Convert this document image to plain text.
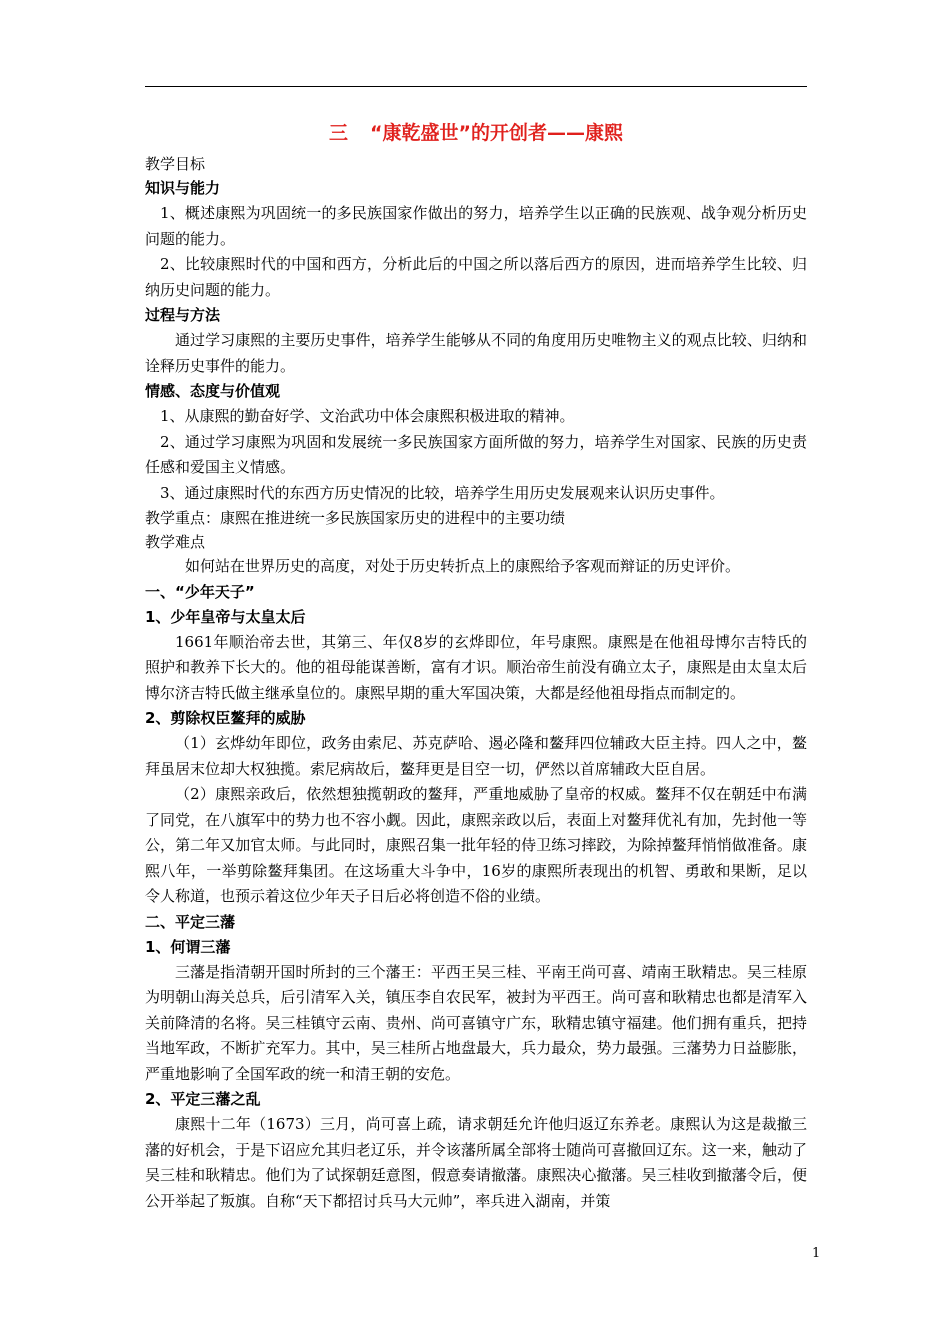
三 “康乾盛世”的开创者——康熙
教学目标
知识与能力
1、概述康熙为巩固统一的多民族国家作做出的努力，培养学生以正确的民族观、战争观分析历史问题的能力。
2、比较康熙时代的中国和西方，分析此后的中国之所以落后西方的原因，进而培养学生比较、归纳历史问题的能力。
过程与方法
通过学习康熙的主要历史事件，培养学生能够从不同的角度用历史唯物主义的观点比较、归纳和诠释历史事件的能力。
情感、态度与价值观
1、从康熙的勤奋好学、文治武功中体会康熙积极进取的精神。
2、通过学习康熙为巩固和发展统一多民族国家方面所做的努力，培养学生对国家、民族的历史责任感和爱国主义情感。
3、通过康熙时代的东西方历史情况的比较，培养学生用历史发展观来认识历史事件。
教学重点：康熙在推进统一多民族国家历史的进程中的主要功绩
教学难点
如何站在世界历史的高度，对处于历史转折点上的康熙给予客观而辩证的历史评价。
一、“少年天子”
1、少年皇帝与太皇太后
1661年顺治帝去世，其第三、年仅8岁的玄烨即位，年号康熙。康熙是在他祖母博尔吉特氏的照护和教养下长大的。他的祖母能谋善断，富有才识。顺治帝生前没有确立太子，康熙是由太皇太后博尔济吉特氏做主继承皇位的。康熙早期的重大军国决策，大都是经他祖母指点而制定的。
2、剪除权臣鳌拜的威胁
（1）玄烨幼年即位，政务由索尼、苏克萨哈、遏必隆和鳌拜四位辅政大臣主持。四人之中，鳌拜虽居末位却大权独揽。索尼病故后，鳌拜更是目空一切，俨然以首席辅政大臣自居。
（2）康熙亲政后，依然想独揽朝政的鳌拜，严重地威胁了皇帝的权威。鳌拜不仅在朝廷中布满了同党，在八旗军中的势力也不容小觑。因此，康熙亲政以后，表面上对鳌拜优礼有加，先封他一等公，第二年又加官太师。与此同时，康熙召集一批年轻的侍卫练习摔跤，为除掉鳌拜悄悄做准备。康熙八年，一举剪除鳌拜集团。在这场重大斗争中，16岁的康熙所表现出的机智、勇敢和果断，足以令人称道，也预示着这位少年天子日后必将创造不俗的业绩。
二、平定三藩
1、何谓三藩
三藩是指清朝开国时所封的三个藩王：平西王吴三桂、平南王尚可喜、靖南王耿精忠。吴三桂原为明朝山海关总兵，后引清军入关，镇压李自农民军，被封为平西王。尚可喜和耿精忠也都是清军入关前降清的名将。吴三桂镇守云南、贵州、尚可喜镇守广东，耿精忠镇守福建。他们拥有重兵，把持当地军政，不断扩充军力。其中，吴三桂所占地盘最大，兵力最众，势力最强。三藩势力日益膨胀，严重地影响了全国军政的统一和清王朝的安危。
2、平定三藩之乱
康熙十二年（1673）三月，尚可喜上疏，请求朝廷允许他归返辽东养老。康熙认为这是裁撤三藩的好机会，于是下诏应允其归老辽乐，并令该藩所属全部将士随尚可喜撤回辽东。这一来，触动了吴三桂和耿精忠。他们为了试探朝廷意图，假意奏请撤藩。康熙决心撤藩。吴三桂收到撤藩令后，便公开举起了叛旗。自称“天下都招讨兵马大元帅”，率兵进入湖南，并策
1
